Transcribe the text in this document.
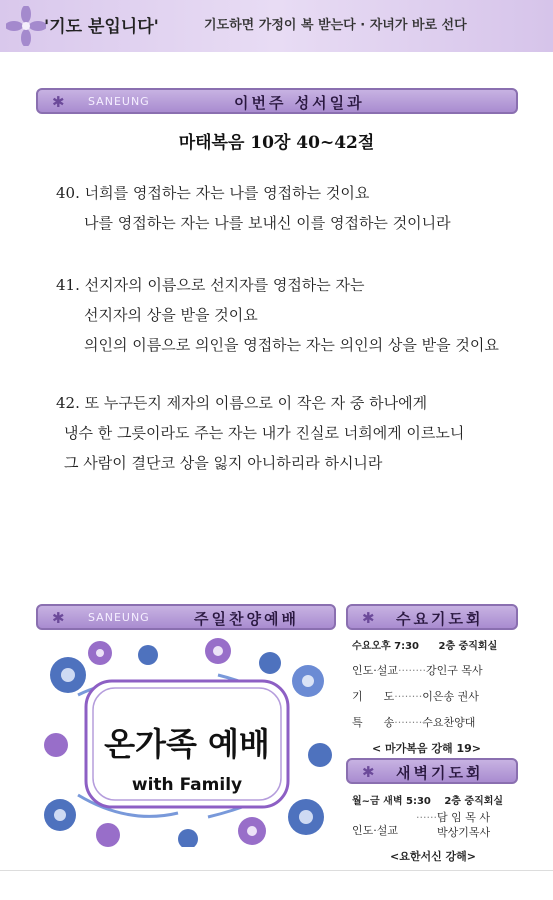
'기도 분입니다'	기도하면 가정이 복 받는다 · 자녀가 바로 선다
✱ SANEUNG	이번주 성서일과
마태복음 10장 40~42절
40. 너희를 영접하는 자는 나를 영접하는 것이요
나를 영접하는 자는 나를 보내신 이를 영접하는 것이니라
41. 선지자의 이름으로 선지자를 영접하는 자는
선지자의 상을 받을 것이요
의인의 이름으로 의인을 영접하는 자는 의인의 상을 받을 것이요
42. 또 누구든지 제자의 이름으로 이 작은 자 중 하나에게
냉수 한 그릇이라도 주는 자는 내가 진실로 너희에게 이르노니
그 사람이 결단코 상을 잃지 아니하리라 하시니라
✱ SANEUNG	주일찬양예배
온가족 예배
with Family
✱ 수요기도회
수요오후 7:30 2층 중직회실
인도·설교········강인구 목사
기      도········이은송 권사
특      송········수요찬양대
< 마가복음 강해 19>
✱ 새벽기도회
월~금 새벽 5:30 2층 중직회실
인도·설교
······담 임 목 사
박상기목사
<요한서신 강해>
